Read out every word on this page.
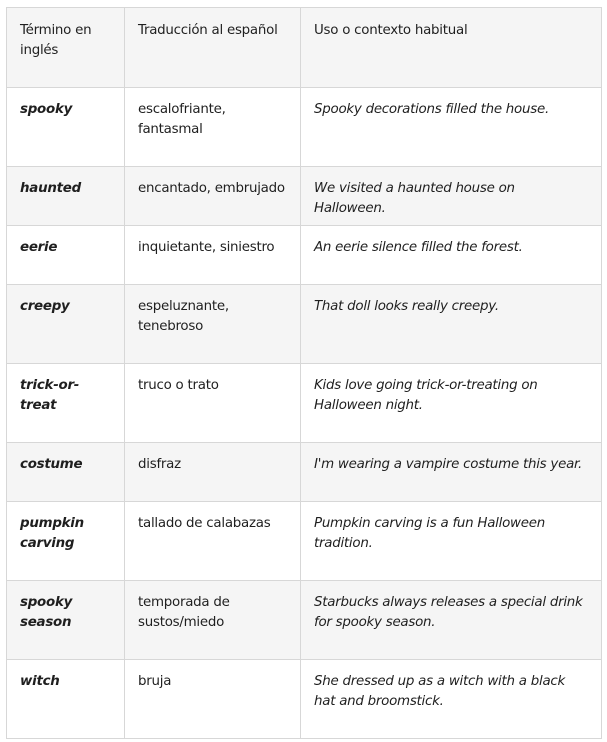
Término en inglés	Traducción al español	Uso o contexto habitual
spooky	escalofriante, fantasmal	Spooky decorations filled the house.
haunted	encantado, embrujado	We visited a haunted house on Halloween.
eerie	inquietante, siniestro	An eerie silence filled the forest.
creepy	espeluznante, tenebroso	That doll looks really creepy.
trick-or-treat	truco o trato	Kids love going trick-or-treating on Halloween night.
costume	disfraz	I'm wearing a vampire costume this year.
pumpkin carving	tallado de calabazas	Pumpkin carving is a fun Halloween tradition.
spooky season	temporada de sustos/miedo	Starbucks always releases a special drink for spooky season.
witch	bruja	She dressed up as a witch with a black hat and broomstick.
